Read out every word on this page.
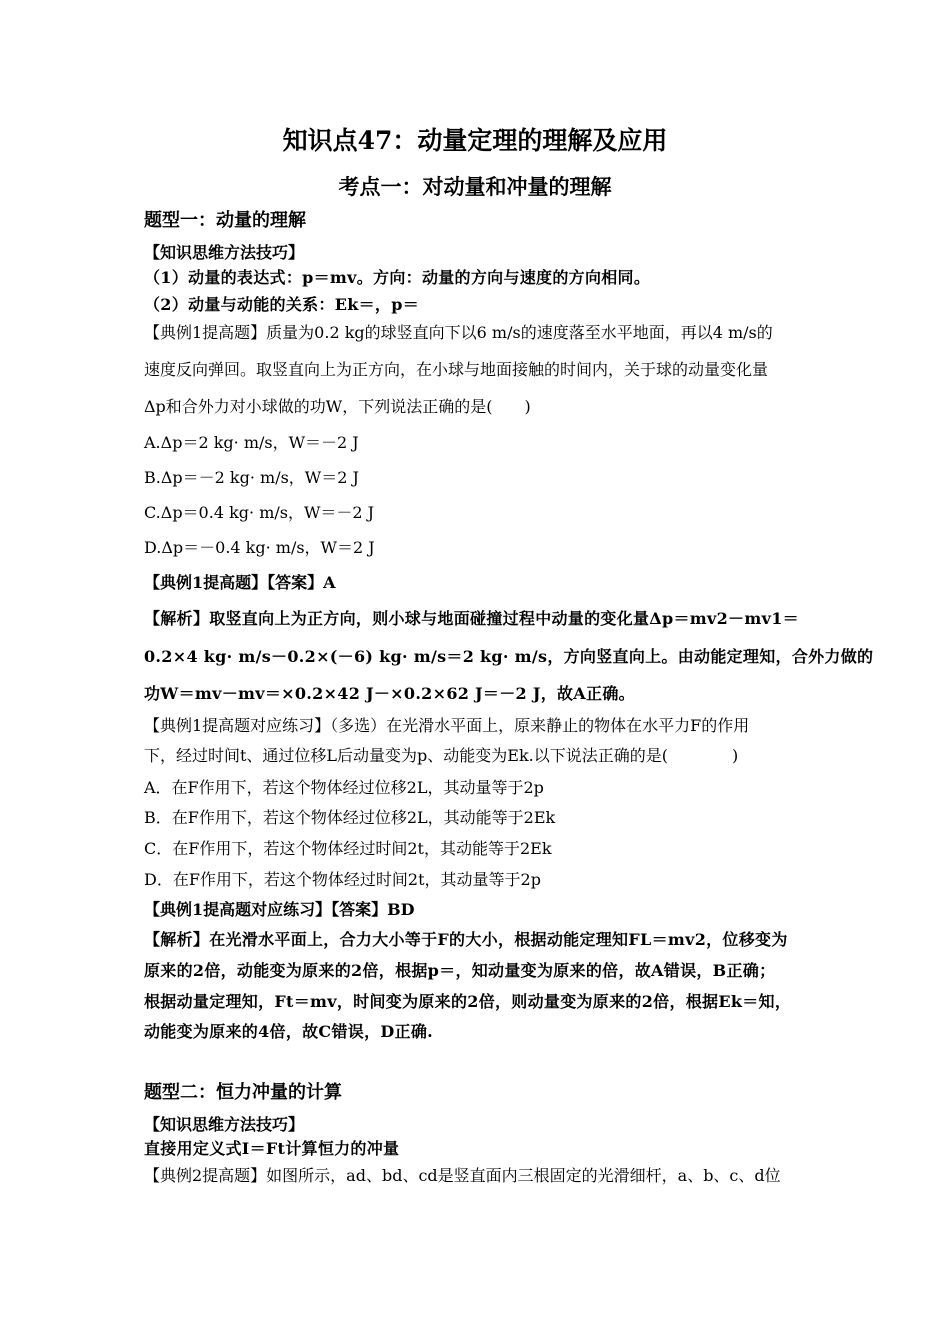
知识点47：动量定理的理解及应用
考点一：对动量和冲量的理解
题型一：动量的理解
【知识思维方法技巧】
（1）动量的表达式：p＝mv。方向：动量的方向与速度的方向相同。
（2）动量与动能的关系：Ek＝，p＝
【典例1提高题】质量为0.2 kg的球竖直向下以6 m/s的速度落至水平地面，再以4 m/s的
速度反向弹回。取竖直向上为正方向，在小球与地面接触的时间内，关于球的动量变化量
Δp和合外力对小球做的功W，下列说法正确的是(　　)
A.Δp＝2 kg· m/s，W＝－2 J
B.Δp＝－2 kg· m/s，W＝2 J
C.Δp＝0.4 kg· m/s，W＝－2 J
D.Δp＝－0.4 kg· m/s，W＝2 J
【典例1提高题】【答案】A
【解析】取竖直向上为正方向，则小球与地面碰撞过程中动量的变化量Δp＝mv2－mv1＝
0.2×4 kg· m/s－0.2×(－6) kg· m/s＝2 kg· m/s，方向竖直向上。由动能定理知，合外力做的
功W＝mv－mv＝×0.2×42 J－×0.2×62 J＝－2 J，故A正确。
【典例1提高题对应练习】（多选）在光滑水平面上，原来静止的物体在水平力F的作用
下，经过时间t、通过位移L后动量变为p、动能变为Ek.以下说法正确的是(　　　　)
A．在F作用下，若这个物体经过位移2L，其动量等于2p
B．在F作用下，若这个物体经过位移2L，其动能等于2Ek
C．在F作用下，若这个物体经过时间2t，其动能等于2Ek
D．在F作用下，若这个物体经过时间2t，其动量等于2p
【典例1提高题对应练习】【答案】BD
【解析】在光滑水平面上，合力大小等于F的大小，根据动能定理知FL＝mv2，位移变为
原来的2倍，动能变为原来的2倍，根据p＝，知动量变为原来的倍，故A错误，B正确；
根据动量定理知，Ft＝mv，时间变为原来的2倍，则动量变为原来的2倍，根据Ek＝知，
动能变为原来的4倍，故C错误，D正确.
题型二：恒力冲量的计算
【知识思维方法技巧】
直接用定义式I＝Ft计算恒力的冲量
【典例2提高题】如图所示，ad、bd、cd是竖直面内三根固定的光滑细杆，a、b、c、d位
